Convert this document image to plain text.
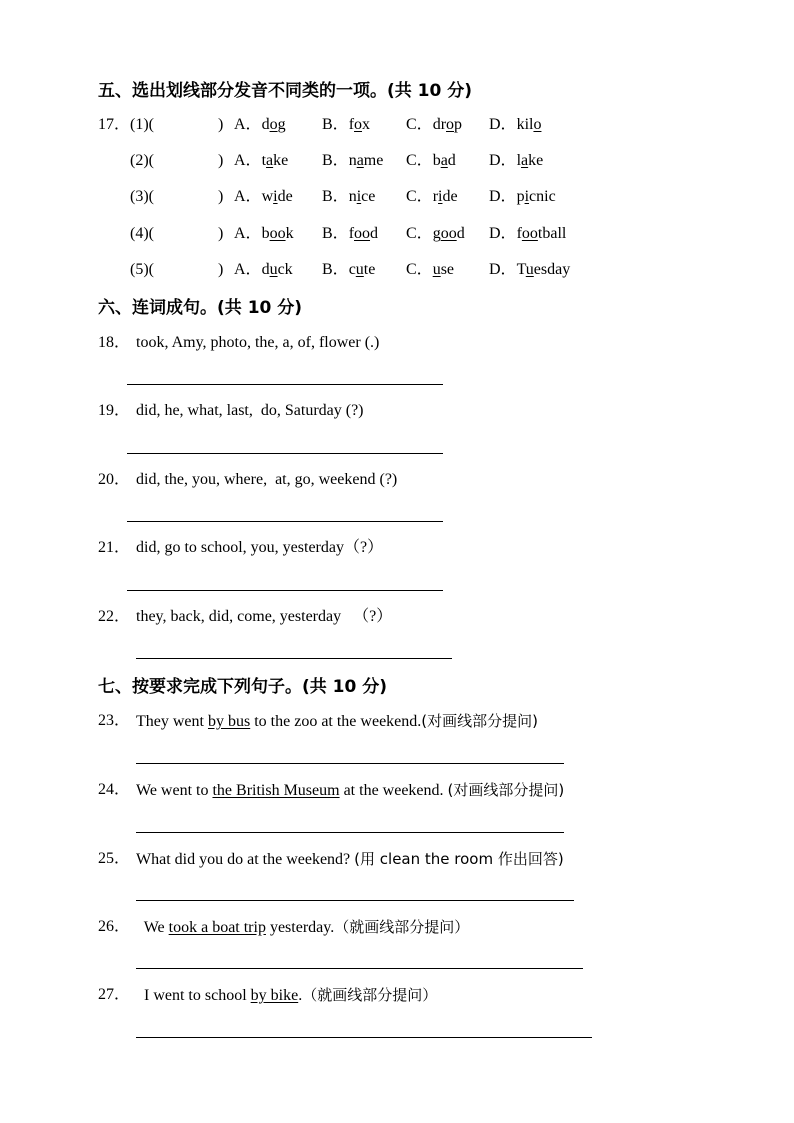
五、选出划线部分发音不同类的一项。(共 10 分)
17． (1)(	) A．dog B．fox C．drop D．kilo
(2)(	) A．take B．name C．bad D．lake
(3)(	) A．wide B．nice C．ride D．picnic
(4)(	) A．book B．food C．good D．football
(5)(	) A．duck B．cute C．use D．Tuesday
六、连词成句。(共 10 分)
18． took, Amy, photo, the, a, of, flower (.)
19． did, he, what, last,  do, Saturday (?)
20． did, the, you, where,  at, go, weekend (?)
21． did, go to school, you, yesterday（?）
22． they, back, did, come, yesterday   （?）
七、按要求完成下列句子。(共 10 分)
23． They went by bus to the zoo at the weekend.(对画线部分提问)
24． We went to the British Museum at the weekend. (对画线部分提问)
25． What did you do at the weekend? (用 clean the room 作出回答)
26． We took a boat trip yesterday.（就画线部分提问）
27． I went to school by bike.（就画线部分提问）
